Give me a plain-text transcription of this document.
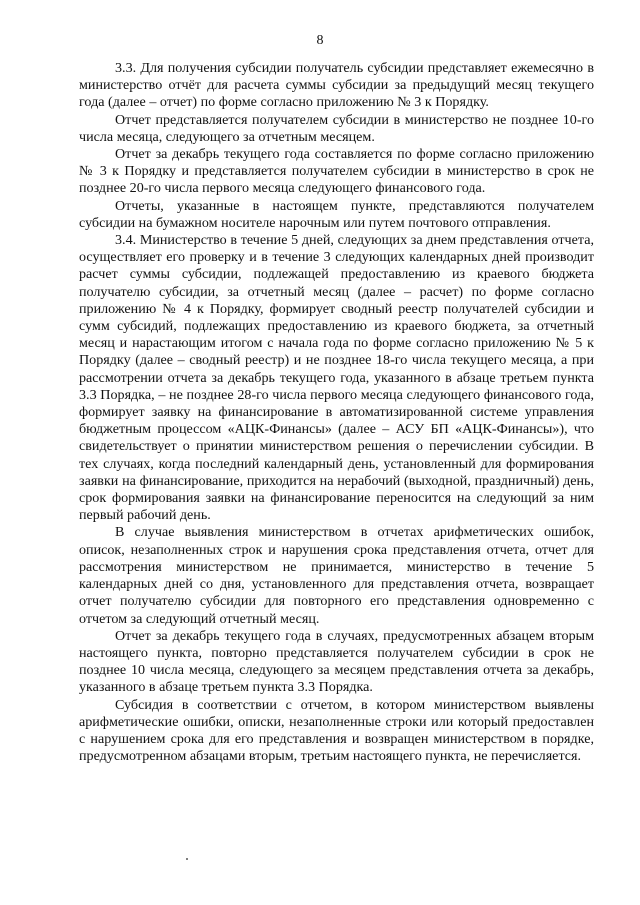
8

3.3. Для получения субсидии получатель субсидии представляет ежемесячно в министерство отчёт для расчета суммы субсидии за предыдущий месяц текущего года (далее – отчет) по форме согласно приложению № 3 к Порядку.

Отчет представляется получателем субсидии в министерство не позднее 10-го числа месяца, следующего за отчетным месяцем.

Отчет за декабрь текущего года составляется по форме согласно приложению № 3 к Порядку и представляется получателем субсидии в министерство в срок не позднее 20-го числа первого месяца следующего финансового года.

Отчеты, указанные в настоящем пункте, представляются получателем субсидии на бумажном носителе нарочным или путем почтового отправления.

3.4. Министерство в течение 5 дней, следующих за днем представления отчета, осуществляет его проверку и в течение 3 следующих календарных дней производит расчет суммы субсидии, подлежащей предоставлению из краевого бюджета получателю субсидии, за отчетный месяц (далее – расчет) по форме согласно приложению № 4 к Порядку, формирует сводный реестр получателей субсидии и сумм субсидий, подлежащих предоставлению из краевого бюджета, за отчетный месяц и нарастающим итогом с начала года по форме согласно приложению № 5 к Порядку (далее – сводный реестр) и не позднее 18-го числа текущего месяца, а при рассмотрении отчета за декабрь текущего года, указанного в абзаце третьем пункта 3.3 Порядка, – не позднее 28-го числа первого месяца следующего финансового года, формирует заявку на финансирование в автоматизированной системе управления бюджетным процессом «АЦК-Финансы» (далее – АСУ БП «АЦК-Финансы»), что свидетельствует о принятии министерством решения о перечислении субсидии. В тех случаях, когда последний календарный день, установленный для формирования заявки на финансирование, приходится на нерабочий (выходной, праздничный) день, срок формирования заявки на финансирование переносится на следующий за ним первый рабочий день.

В случае выявления министерством в отчетах арифметических ошибок, описок, незаполненных строк и нарушения срока представления отчета, отчет для рассмотрения министерством не принимается, министерство в течение 5 календарных дней со дня, установленного для представления отчета, возвращает отчет получателю субсидии для повторного его представления одновременно с отчетом за следующий отчетный месяц.

Отчет за декабрь текущего года в случаях, предусмотренных абзацем вторым настоящего пункта, повторно представляется получателем субсидии в срок не позднее 10 числа месяца, следующего за месяцем представления отчета за декабрь, указанного в абзаце третьем пункта 3.3 Порядка.

Субсидия в соответствии с отчетом, в котором министерством выявлены арифметические ошибки, описки, незаполненные строки или который предоставлен с нарушением срока для его представления и возвращен министерством в порядке, предусмотренном абзацами вторым, третьим настоящего пункта, не перечисляется.
